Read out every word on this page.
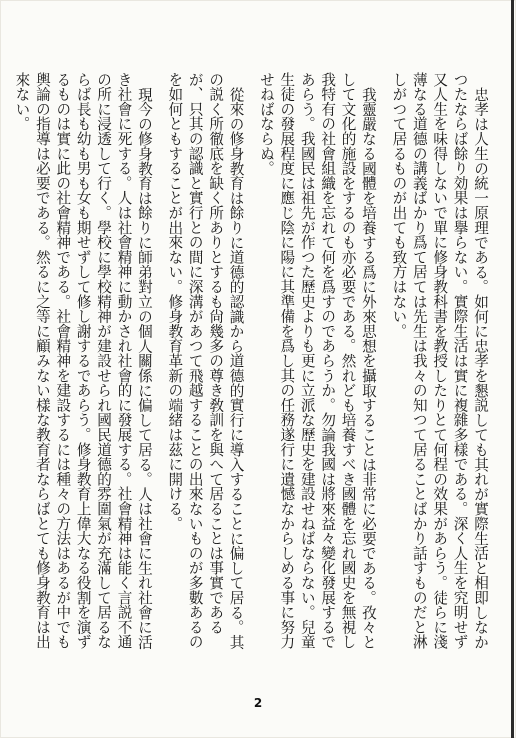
忠孝は人生の統一原理である。如何に忠孝を懇説しても其れが實際生活と相即しなかつたならば餘り効果は擧らない。實際生活は實に複雜多樣である。深く人生を究明せず又人生を味得しないで單に修身教科書を教授したりとて何程の效果があらう。徒らに淺薄なる道德の講義ばかり爲て居ては先生は我々の知つて居ることばかり話すものだと淋しがつて居るものが出ても致方はない。

我靈嚴なる國體を培養する爲に外來思想を攝取することは非常に必要である。孜々として文化的施設をするのも亦必要である。然れども培養すべき國體を忘れ國史を無視し我特有の社會組織を忘れて何を爲すのであらうか。勿論我國は將來益々變化發展するであらう。我國民は祖先が作つた歷史よりも更に立派な歷史を建設せねばならない。兒童生徒の發展程度に應じ陰に陽に其準備を爲し其の任務遂行に遺憾なからしめる事に努力せねばならぬ。

從來の修身教育は餘りに道德的認識から道德的實行に導入することに偏して居る。其の説く所徹底を缺く所ありとするも尙幾多の尊き敎訓を與へて居ることは事實であるが、只其の認識と實行との間に深溝があつて飛越することの出來ないものが多數あるのを如何ともすることが出來ない。修身教育革新の端緒は茲に開ける。

現今の修身教育は餘りに師弟對立の個人關係に偏して居る。人は社會に生れ社會に活き社會に死する。人は社會精神に動かされ社會的に發展する。社會精神は能く言説不通の所に浸透して行く。學校に學校精神が建設せられ國民道德的雰圍氣が充滿して居るならば長も幼も男も女も期せずして修し謝するであらう。修身教育上偉大なる役割を演ずるものは實に此の社會精神である。社會精神を建設するには種々の方法はあるが中でも輿論の指導は必要である。然るに之等に顧みない樣な教育者ならばとても修身教育は出來ない。

2
